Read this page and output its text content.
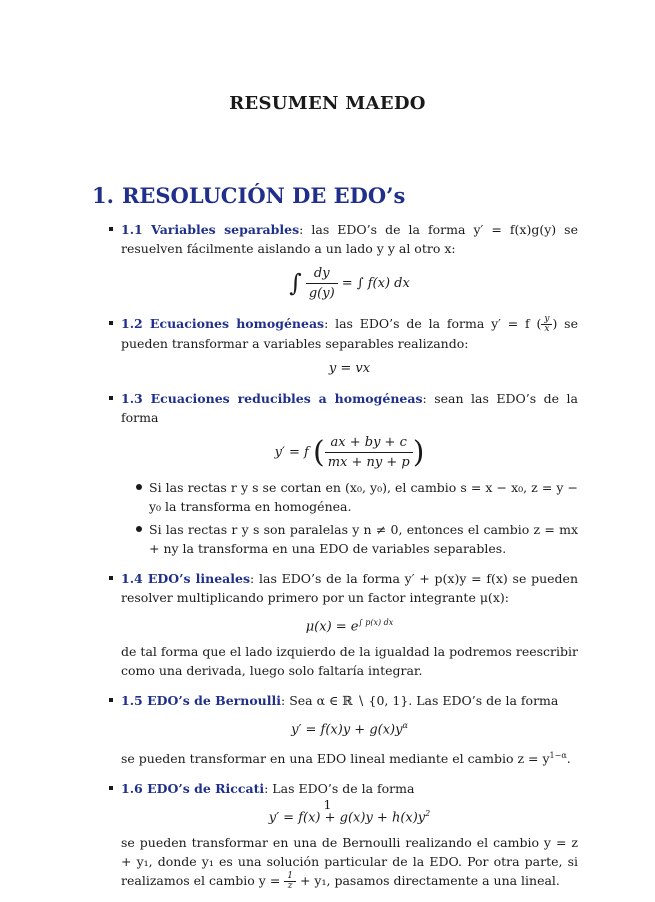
RESUMEN MAEDO
1. RESOLUCIÓN DE EDO’s
1.1 Variables separables: las EDO’s de la forma y′ = f(x)g(y) se resuelven fácilmente aislando a un lado y y al otro x:
∫ $\frac{dy}{g(y)}$ = ∫ f(x) dx
1.2 Ecuaciones homogéneas: las EDO’s de la forma y′ = f ( $\frac{y}{x}$ ) se pueden transformar a variables separables realizando:
y = vx
1.3 Ecuaciones reducibles a homogéneas: sean las EDO’s de la forma
y′ = f ( $\frac{ax + by + c}{mx + ny + p}$ )
Si las rectas r y s se cortan en (x₀, y₀), el cambio s = x − x₀, z = y − y₀ la transforma en homogénea.
Si las rectas r y s son paralelas y n ≠ 0, entonces el cambio z = mx + ny la transforma en una EDO de variables separables.
1.4 EDO’s lineales: las EDO’s de la forma y′ + p(x)y = f(x) se pueden resolver multiplicando primero por un factor integrante μ(x):
$\mu(x) = e^{\int p(x) dx}$
de tal forma que el lado izquierdo de la igualdad la podremos reescribir como una derivada, luego solo faltaría integrar.
1.5 EDO’s de Bernoulli: Sea α ∈ ℝ ∖ {0, 1}. Las EDO’s de la forma
$y' = f(x)y + g(x)y^\alpha$
se pueden transformar en una EDO lineal mediante el cambio $z = y^{1-\alpha}$.
1.6 EDO’s de Riccati: Las EDO’s de la forma
$y' = f(x) + g(x)y + h(x)y^2$
se pueden transformar en una de Bernoulli realizando el cambio y = z + y₁, donde y₁ es una solución particular de la EDO. Por otra parte, si realizamos el cambio $y = \frac{1}{z} + y_1$, pasamos directamente a una lineal.
1
